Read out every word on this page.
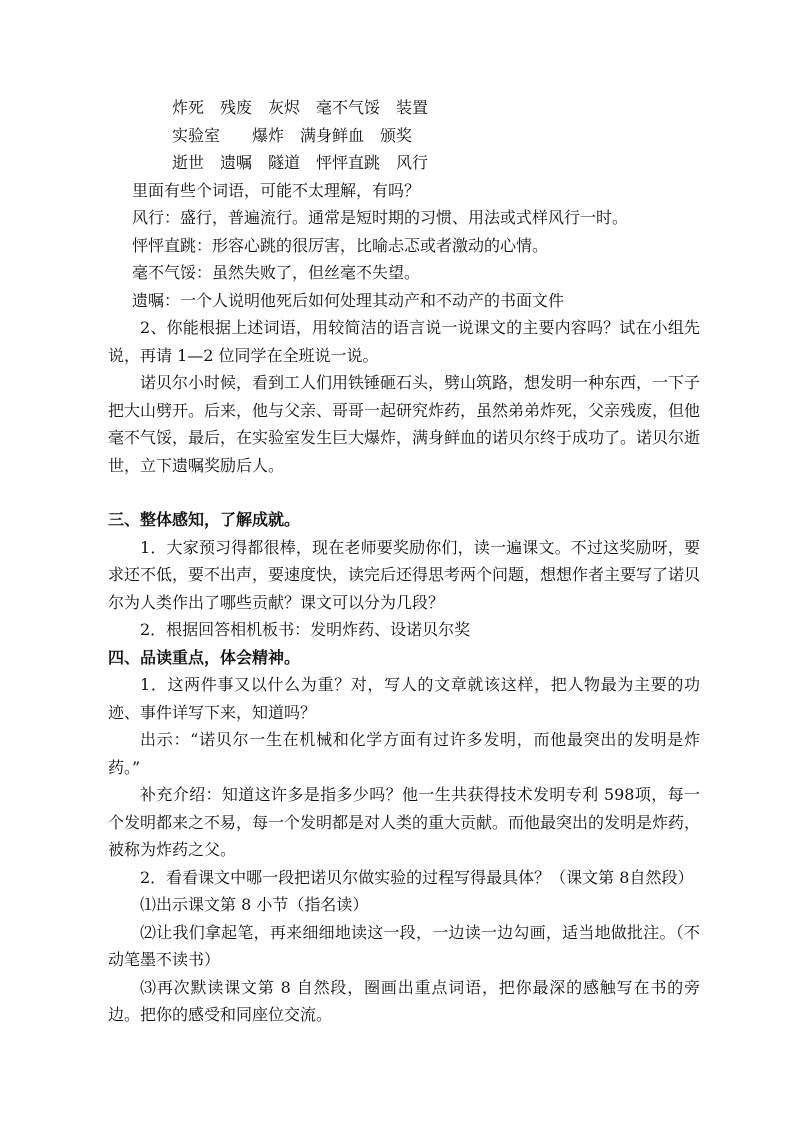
炸死　残废　灰烬　毫不气馁　装置
实验室　　爆炸　满身鲜血　颁奖
逝世　遗嘱　隧道　怦怦直跳　风行
里面有些个词语，可能不太理解，有吗？
风行：盛行，普遍流行。通常是短时期的习惯、用法或式样风行一时。
怦怦直跳：形容心跳的很厉害，比喻忐忑或者激动的心情。
毫不气馁：虽然失败了，但丝毫不失望。
遗嘱：一个人说明他死后如何处理其动产和不动产的书面文件
2、你能根据上述词语，用较简洁的语言说一说课文的主要内容吗？试在小组先说，再请 1—2 位同学在全班说一说。
诺贝尔小时候，看到工人们用铁锤砸石头，劈山筑路，想发明一种东西，一下子把大山劈开。后来，他与父亲、哥哥一起研究炸药，虽然弟弟炸死，父亲残废，但他毫不气馁，最后，在实验室发生巨大爆炸，满身鲜血的诺贝尔终于成功了。诺贝尔逝世，立下遗嘱奖励后人。
三、整体感知，了解成就。
1．大家预习得都很棒，现在老师要奖励你们，读一遍课文。不过这奖励呀，要求还不低，要不出声，要速度快，读完后还得思考两个问题，想想作者主要写了诺贝尔为人类作出了哪些贡献？课文可以分为几段？
2．根据回答相机板书：发明炸药、设诺贝尔奖
四、品读重点，体会精神。
1．这两件事又以什么为重？对，写人的文章就该这样，把人物最为主要的功迹、事件详写下来，知道吗？
出示：“诺贝尔一生在机械和化学方面有过许多发明，而他最突出的发明是炸药。”
补充介绍：知道这许多是指多少吗？他一生共获得技术发明专利 598项，每一个发明都来之不易，每一个发明都是对人类的重大贡献。而他最突出的发明是炸药，被称为炸药之父。
2．看看课文中哪一段把诺贝尔做实验的过程写得最具体？（课文第 8自然段）
⑴出示课文第 8 小节（指名读）
⑵让我们拿起笔，再来细细地读这一段，一边读一边勾画，适当地做批注。（不动笔墨不读书）
⑶再次默读课文第 8 自然段，圈画出重点词语，把你最深的感触写在书的旁边。把你的感受和同座位交流。
